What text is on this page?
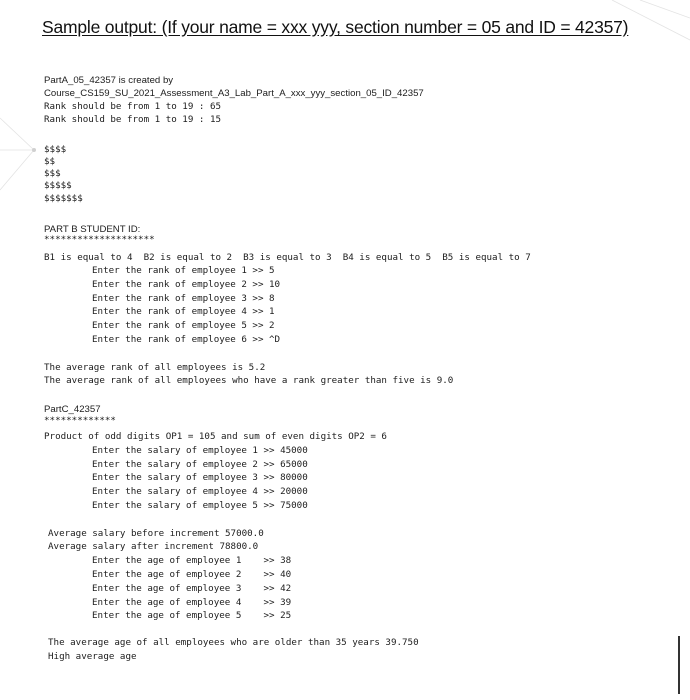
Sample output: (If your name = xxx yyy, section number = 05 and ID = 42357)
PartA_05_42357 is created by
Course_CS159_SU_2021_Assessment_A3_Lab_Part_A_xxx_yyy_section_05_ID_42357
Rank should be from 1 to 19 : 65
Rank should be from 1 to 19 : 15
$$$$
$$
$$$
$$$$$
$$$$$$$
PART B STUDENT ID:
********************
B1 is equal to 4  B2 is equal to 2  B3 is equal to 3  B4 is equal to 5  B5 is equal to 7
Enter the rank of employee 1 >> 5
Enter the rank of employee 2 >> 10
Enter the rank of employee 3 >> 8
Enter the rank of employee 4 >> 1
Enter the rank of employee 5 >> 2
Enter the rank of employee 6 >> ^D
The average rank of all employees is 5.2
The average rank of all employees who have a rank greater than five is 9.0
PartC_42357
*************
Product of odd digits OP1 = 105 and sum of even digits OP2 = 6
Enter the salary of employee 1 >> 45000
Enter the salary of employee 2 >> 65000
Enter the salary of employee 3 >> 80000
Enter the salary of employee 4 >> 20000
Enter the salary of employee 5 >> 75000
Average salary before increment 57000.0
Average salary after increment 78800.0
Enter the age of employee 1    >> 38
Enter the age of employee 2    >> 40
Enter the age of employee 3    >> 42
Enter the age of employee 4    >> 39
Enter the age of employee 5    >> 25
The average age of all employees who are older than 35 years 39.750
High average age
